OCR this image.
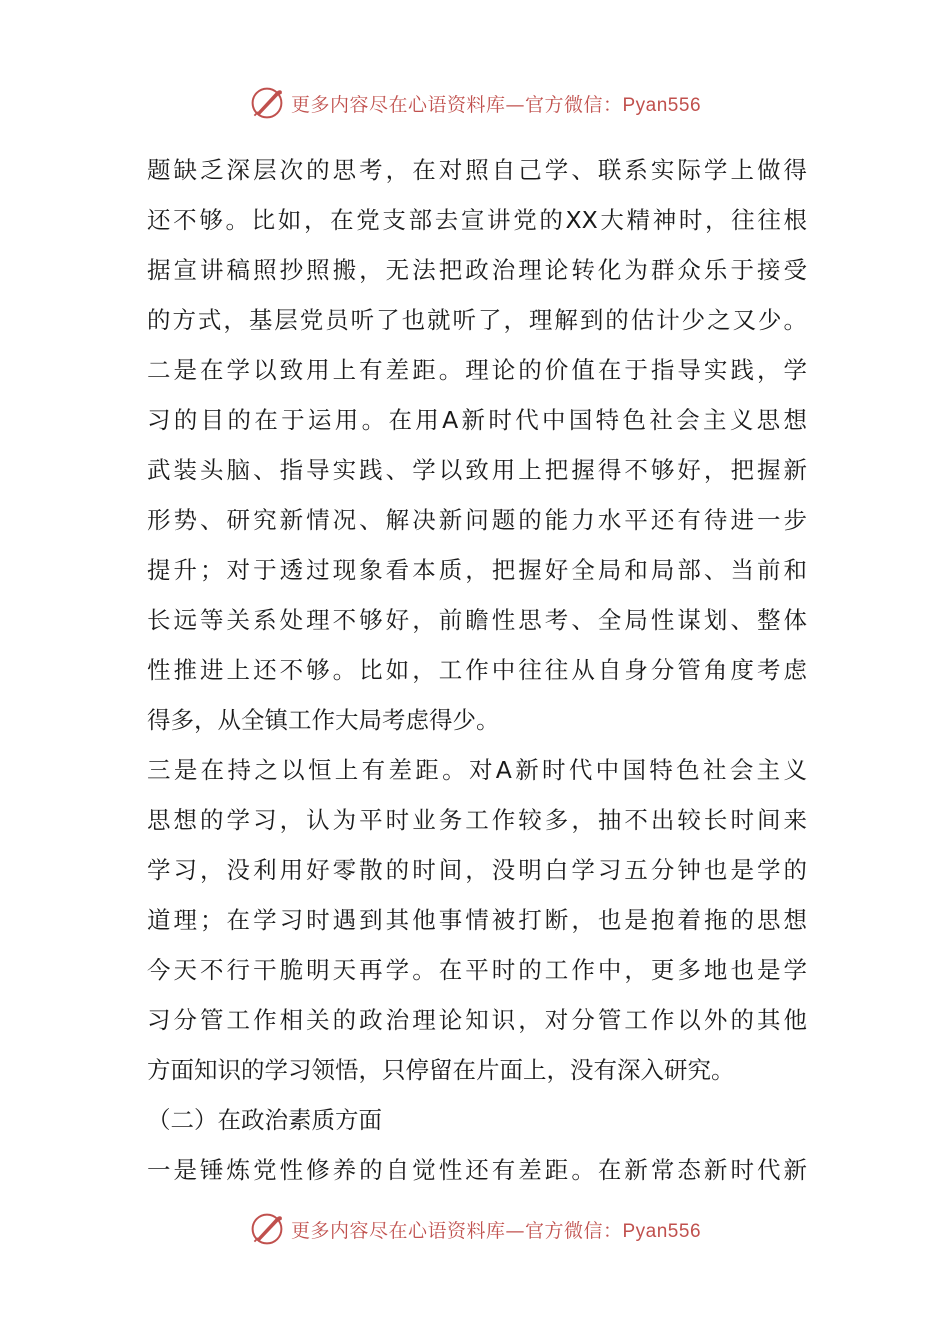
更多内容尽在心语资料库—官方微信：Pyan556
题缺乏深层次的思考，在对照自己学、联系实际学上做得
还不够。比如，在党支部去宣讲党的XX大精神时，往往根
据宣讲稿照抄照搬，无法把政治理论转化为群众乐于接受
的方式，基层党员听了也就听了，理解到的估计少之又少。
二是在学以致用上有差距。理论的价值在于指导实践，学
习的目的在于运用。在用A新时代中国特色社会主义思想
武装头脑、指导实践、学以致用上把握得不够好，把握新
形势、研究新情况、解决新问题的能力水平还有待进一步
提升；对于透过现象看本质，把握好全局和局部、当前和
长远等关系处理不够好，前瞻性思考、全局性谋划、整体
性推进上还不够。比如，工作中往往从自身分管角度考虑
得多，从全镇工作大局考虑得少。
三是在持之以恒上有差距。对A新时代中国特色社会主义
思想的学习，认为平时业务工作较多，抽不出较长时间来
学习，没利用好零散的时间，没明白学习五分钟也是学的
道理；在学习时遇到其他事情被打断，也是抱着拖的思想
今天不行干脆明天再学。在平时的工作中，更多地也是学
习分管工作相关的政治理论知识，对分管工作以外的其他
方面知识的学习领悟，只停留在片面上，没有深入研究。
（二）在政治素质方面
一是锤炼党性修养的自觉性还有差距。在新常态新时代新
更多内容尽在心语资料库—官方微信：Pyan556
